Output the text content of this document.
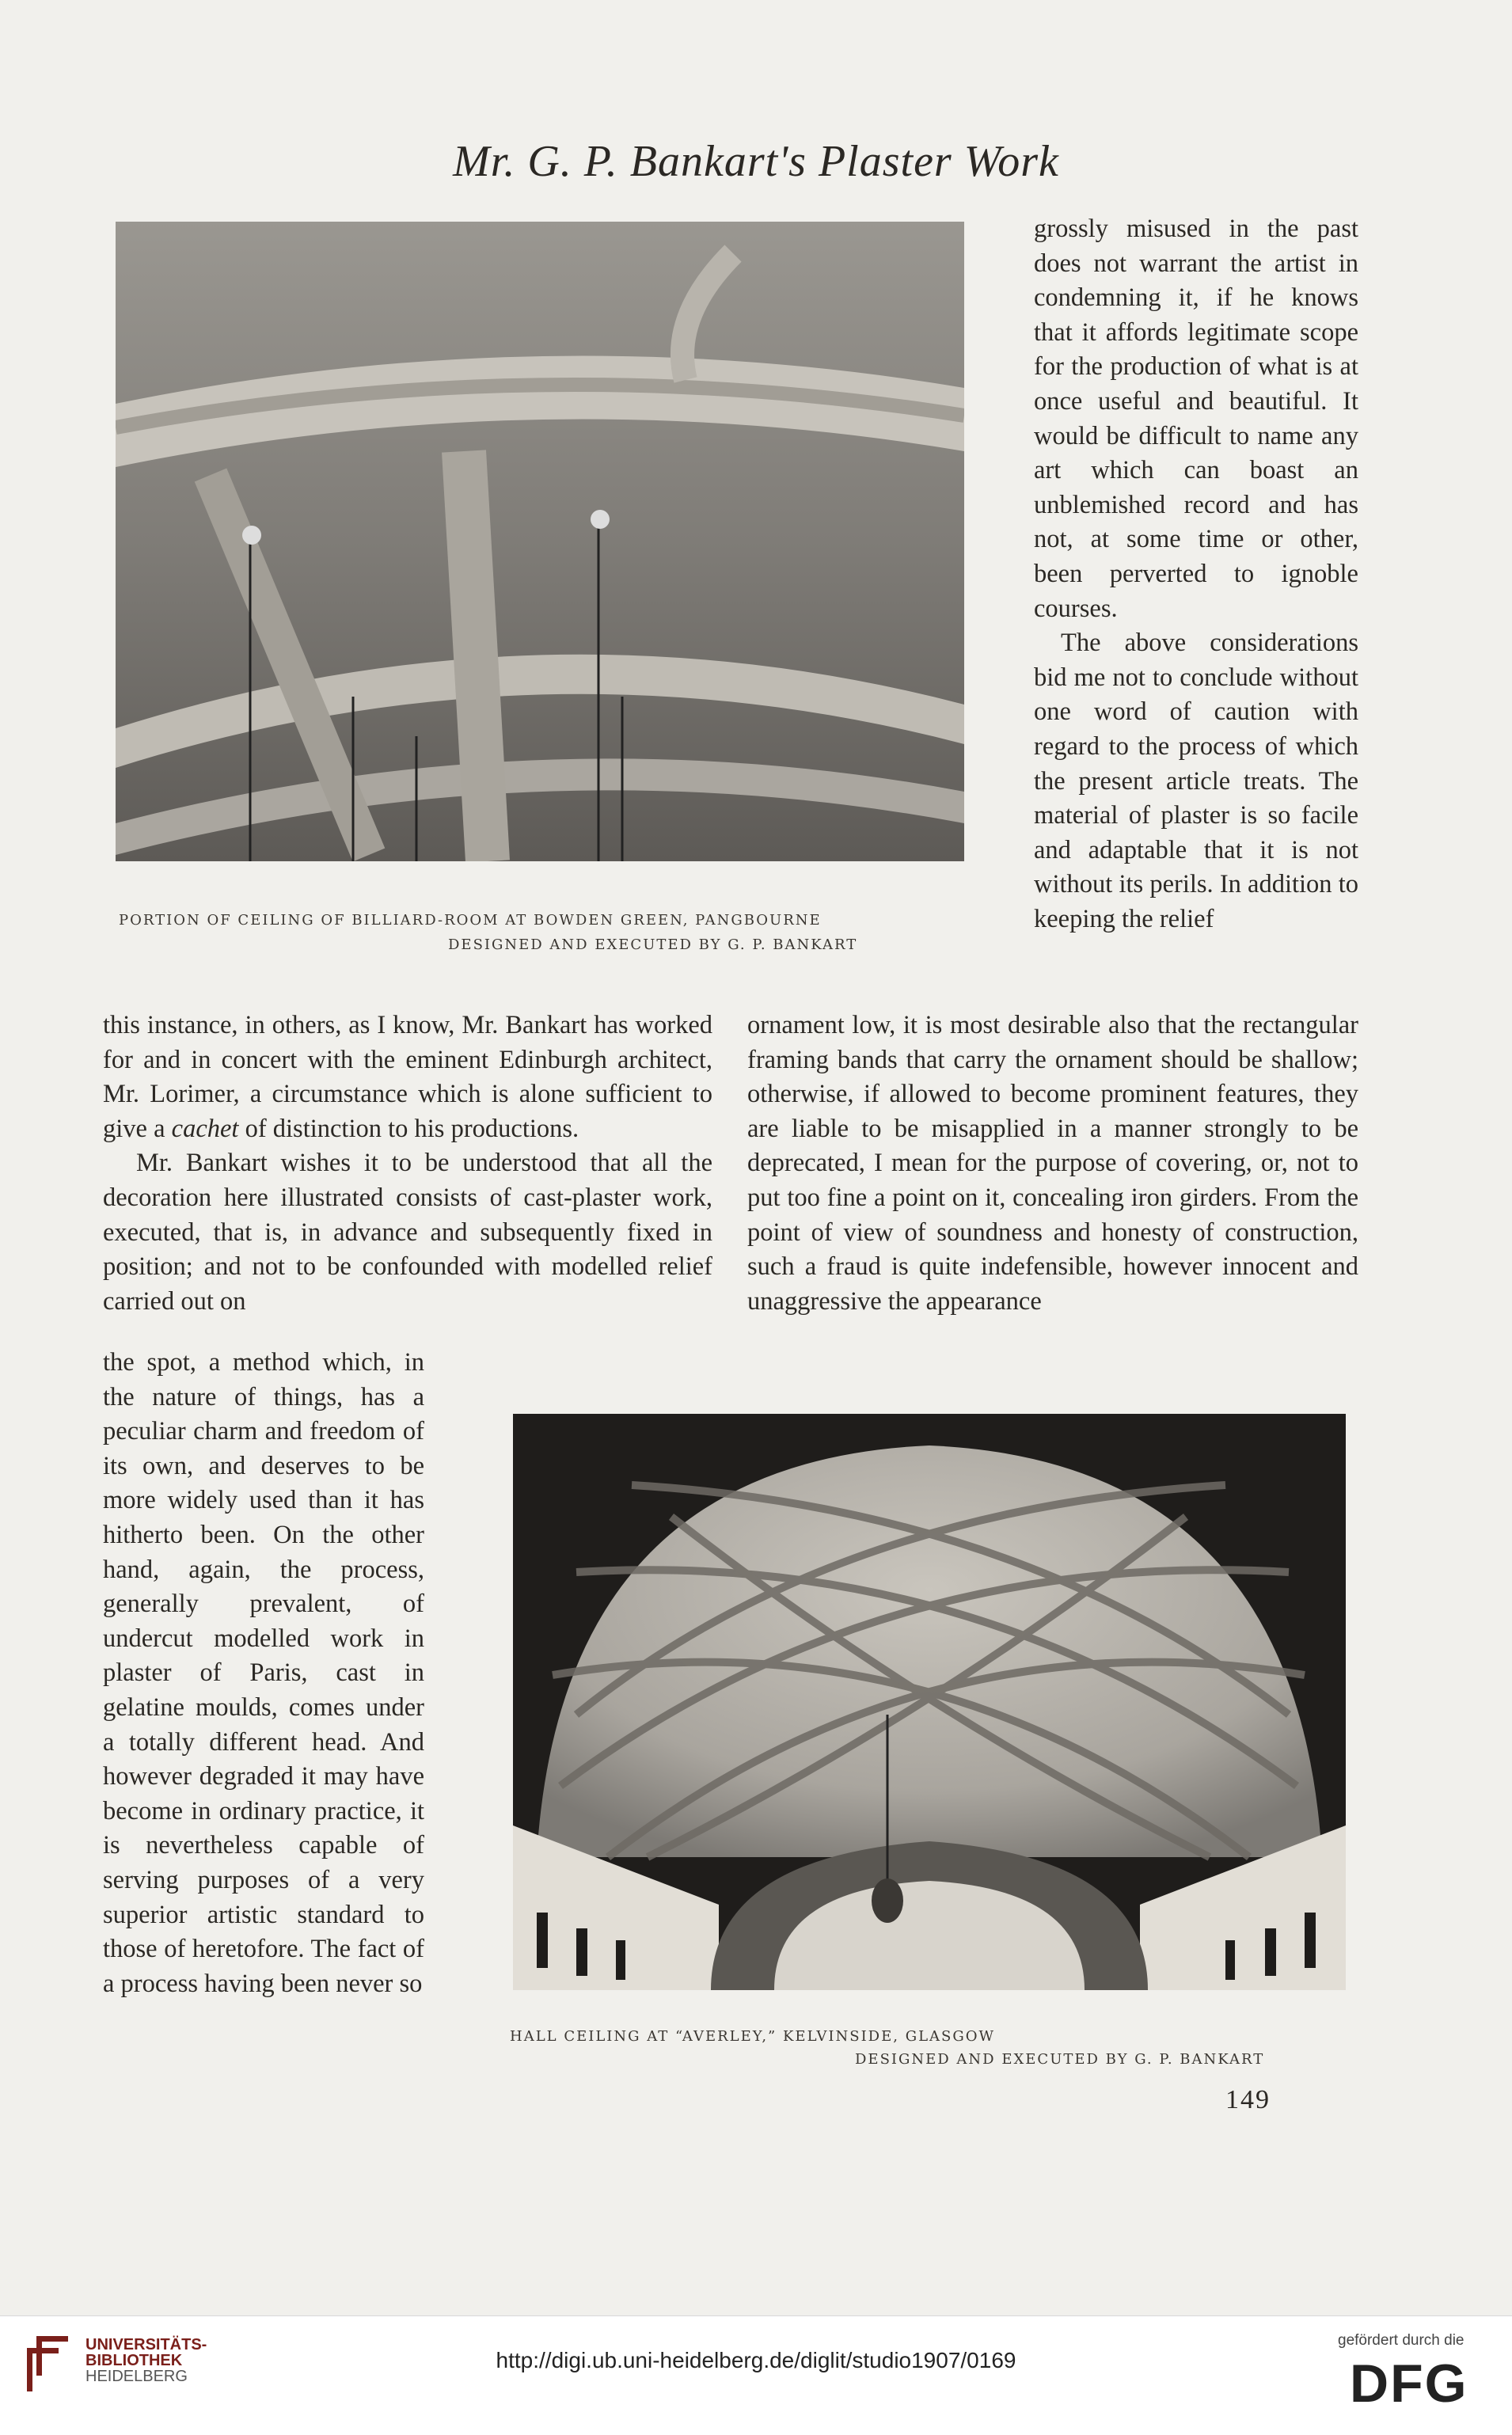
Mr. G. P. Bankart's Plaster Work
PORTION OF CEILING OF BILLIARD-ROOM AT BOWDEN GREEN, PANGBOURNE
DESIGNED AND EXECUTED BY G. P. BANKART

grossly misused in the past does not warrant the artist in condemning it, if he knows that it affords legitimate scope for the production of what is at once useful and beautiful. It would be difficult to name any art which can boast an unblemished record and has not, at some time or other, been perverted to ignoble courses.

The above considerations bid me not to conclude without one word of caution with regard to the process of which the present article treats. The material of plaster is so facile and adaptable that it is not without its perils. In addition to keeping the relief

this instance, in others, as I know, Mr. Bankart has worked for and in concert with the eminent Edinburgh architect, Mr. Lorimer, a circumstance which is alone sufficient to give a cachet of distinction to his productions.

Mr. Bankart wishes it to be understood that all the decoration here illustrated consists of cast-plaster work, executed, that is, in advance and subsequently fixed in position; and not to be confounded with modelled relief carried out on

ornament low, it is most desirable also that the rectangular framing bands that carry the ornament should be shallow; otherwise, if allowed to become prominent features, they are liable to be misapplied in a manner strongly to be deprecated, I mean for the purpose of covering, or, not to put too fine a point on it, concealing iron girders. From the point of view of soundness and honesty of construction, such a fraud is quite indefensible, however innocent and unaggressive the appearance

the spot, a method which, in the nature of things, has a peculiar charm and freedom of its own, and deserves to be more widely used than it has hitherto been. On the other hand, again, the process, generally prevalent, of undercut modelled work in plaster of Paris, cast in gelatine moulds, comes under a totally different head. And however degraded it may have become in ordinary practice, it is nevertheless capable of serving purposes of a very superior artistic standard to those of heretofore. The fact of a process having been never so

HALL CEILING AT “AVERLEY,” KELVINSIDE, GLASGOW
DESIGNED AND EXECUTED BY G. P. BANKART
149
UNIVERSITÄTS-
BIBLIOTHEK
HEIDELBERG
http://digi.ub.uni-heidelberg.de/diglit/studio1907/0169
gefördert durch die
DFG
